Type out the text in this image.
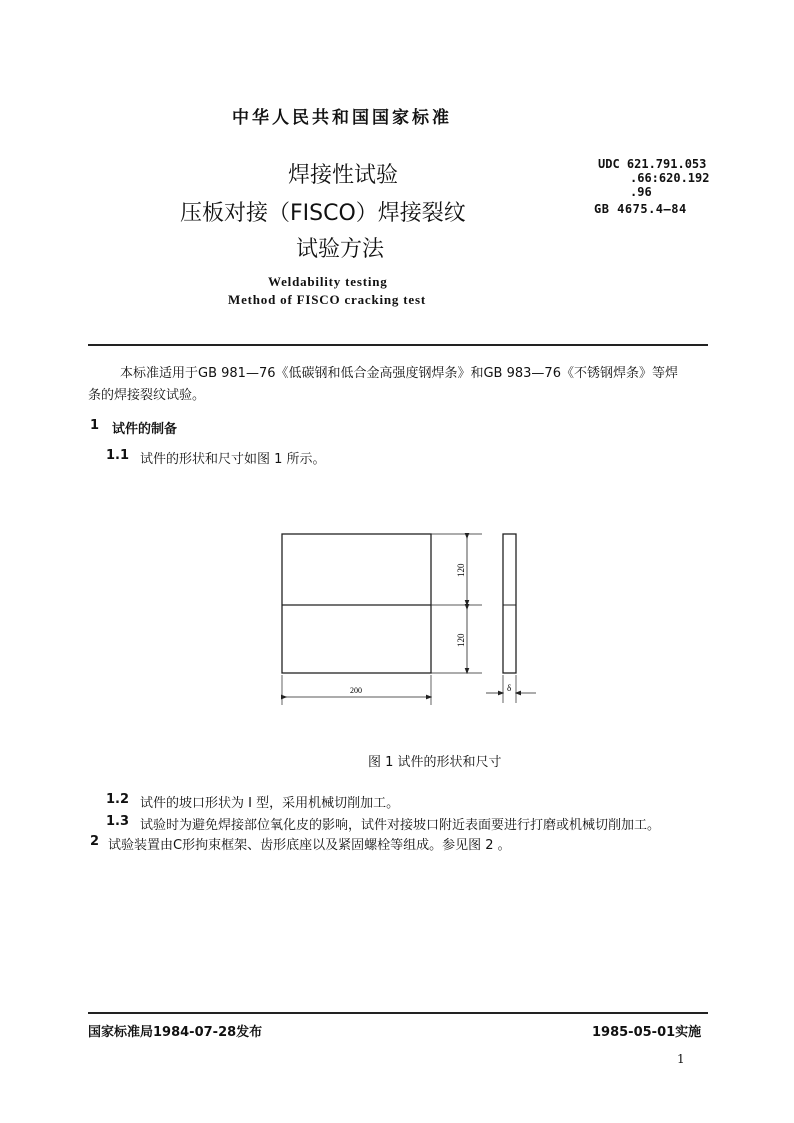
中华人民共和国国家标准
焊接性试验
压板对接（FISCO）焊接裂纹
试验方法
Weldability testing
Method of FISCO cracking test
UDC 621.791.053
.66:620.192
.96
GB 4675.4—84
本标准适用于GB 981—76《低碳钢和低合金高强度钢焊条》和GB 983—76《不锈钢焊条》等焊
条的焊接裂纹试验。
1 试件的制备
1.1 试件的形状和尺寸如图 1 所示。
120
120
200	δ
图 1 试件的形状和尺寸
1.2 试件的坡口形状为 I 型，采用机械切削加工。
1.3 试验时为避免焊接部位氧化皮的影响，试件对接坡口附近表面要进行打磨或机械切削加工。
2 试验装置由C形拘束框架、齿形底座以及紧固螺栓等组成。参见图 2 。
国家标准局1984-07-28发布	1985-05-01实施
1
